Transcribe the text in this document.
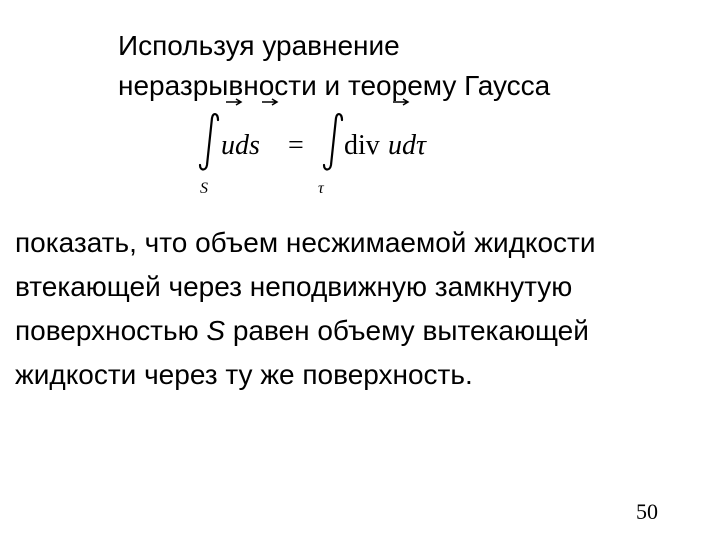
Используя уравнение
неразрывности и теорему Гаусса
uds
S
= div udτ
τ
показать, что объем несжимаемой жидкости
втекающей через неподвижную замкнутую
поверхностью S равен объему вытекающей
жидкости через ту же поверхность.
50
